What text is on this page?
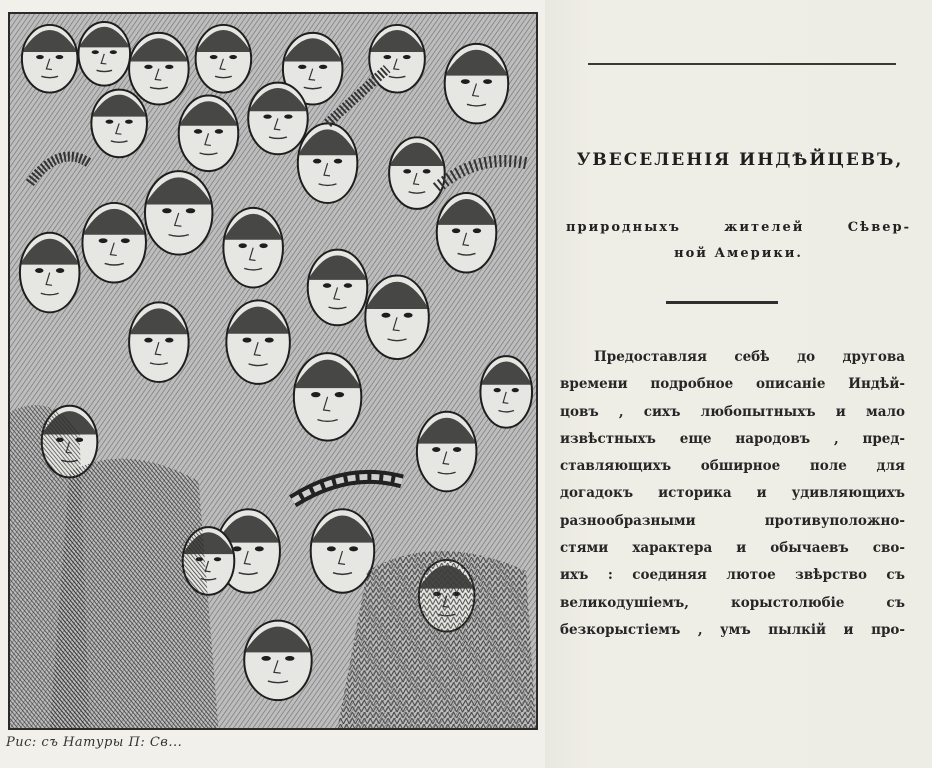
Рис: съ Натуры П: Св...
УВЕСЕЛЕНІЯ ИНДѢЙЦЕВЪ,
природныхъ жителей Сѣвер-
ной Америки.
Предоставляя себѣ до другова
времени подробное описаніе Индѣй-
цовъ , сихъ любопытныхъ и мало
извѣстныхъ еще народовъ , пред-
ставляющихъ обширное поле для
догадокъ историка и удивляющихъ
разнообразными противуположно-
стями характера и обычаевъ сво-
ихъ : соединяя лютое звѣрство съ
великодушіемъ, корыстолюбіе съ
безкорыстіемъ , умъ пылкій и про-
